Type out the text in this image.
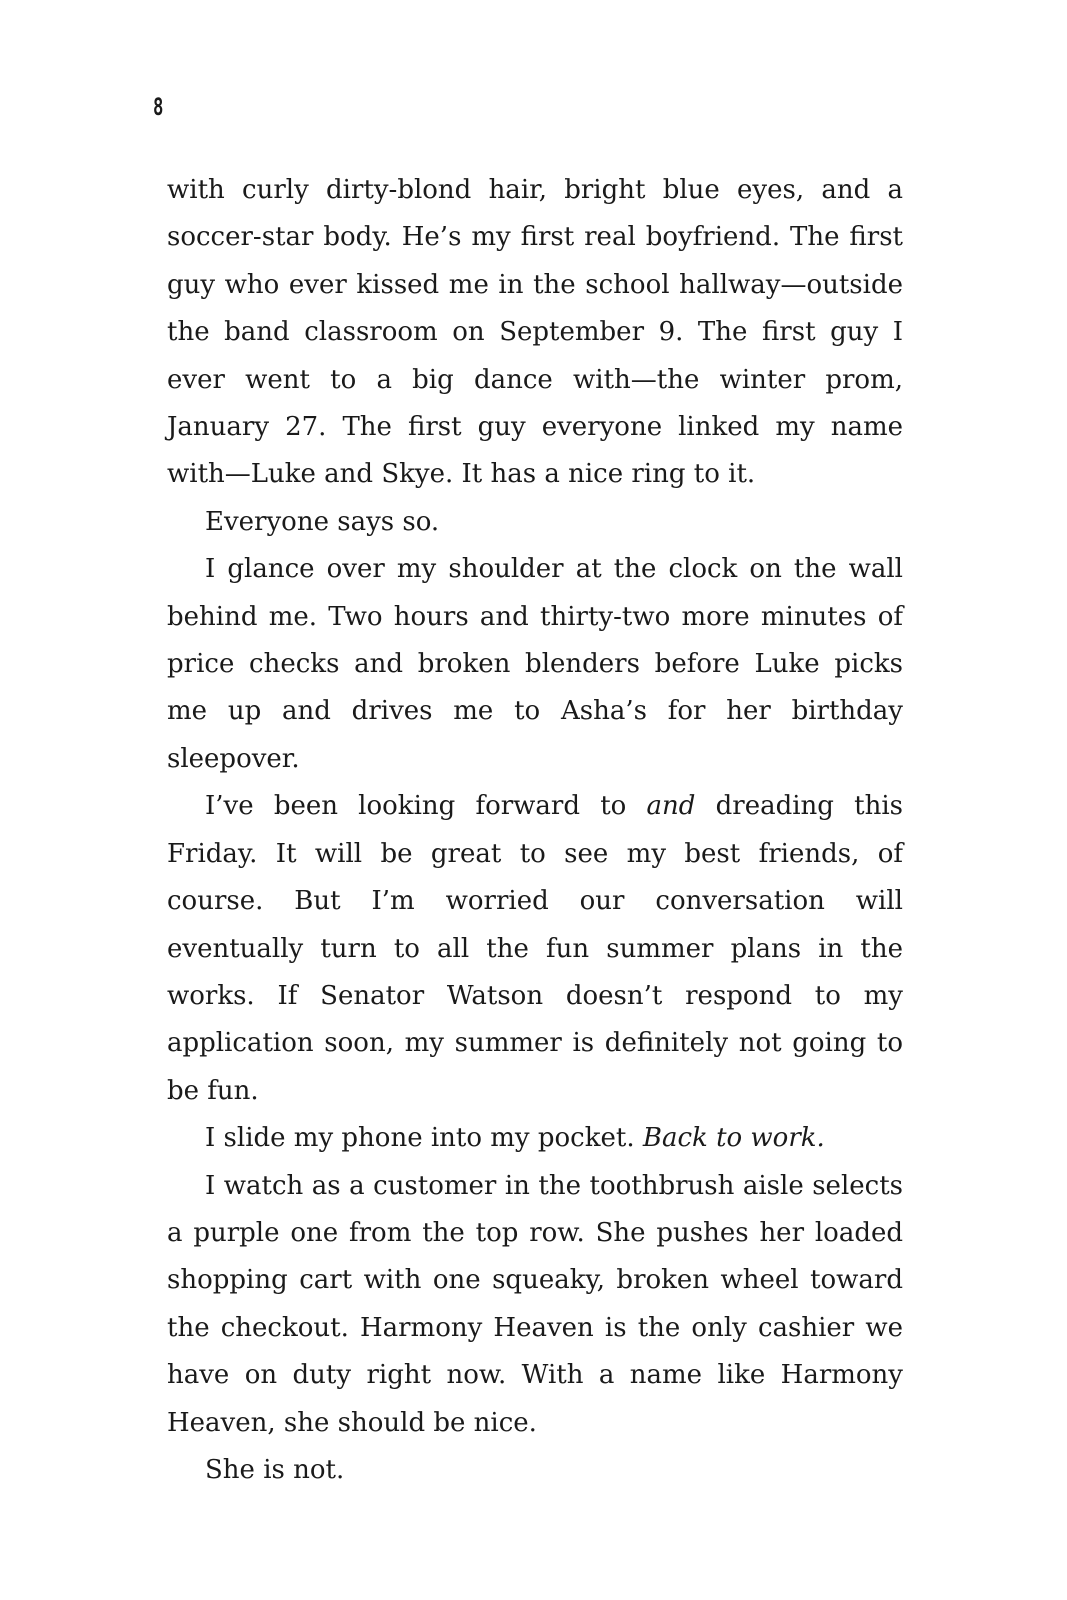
8

with curly dirty-blond hair, bright blue eyes, and a soccer-star body. He’s my first real boyfriend. The first guy who ever kissed me in the school hallway—outside the band classroom on September 9. The first guy I ever went to a big dance with—the winter prom, January 27. The first guy everyone linked my name with—Luke and Skye. It has a nice ring to it.

Everyone says so.

I glance over my shoulder at the clock on the wall behind me. Two hours and thirty-two more minutes of price checks and broken blenders before Luke picks me up and drives me to Asha’s for her birthday sleepover.

I’ve been looking forward to and dreading this Friday. It will be great to see my best friends, of course. But I’m worried our conversation will eventually turn to all the fun summer plans in the works. If Senator Watson doesn’t respond to my application soon, my summer is definitely not going to be fun.

I slide my phone into my pocket. Back to work.

I watch as a customer in the toothbrush aisle selects a purple one from the top row. She pushes her loaded shopping cart with one squeaky, broken wheel toward the checkout. Harmony Heaven is the only cashier we have on duty right now. With a name like Harmony Heaven, she should be nice.

She is not.
